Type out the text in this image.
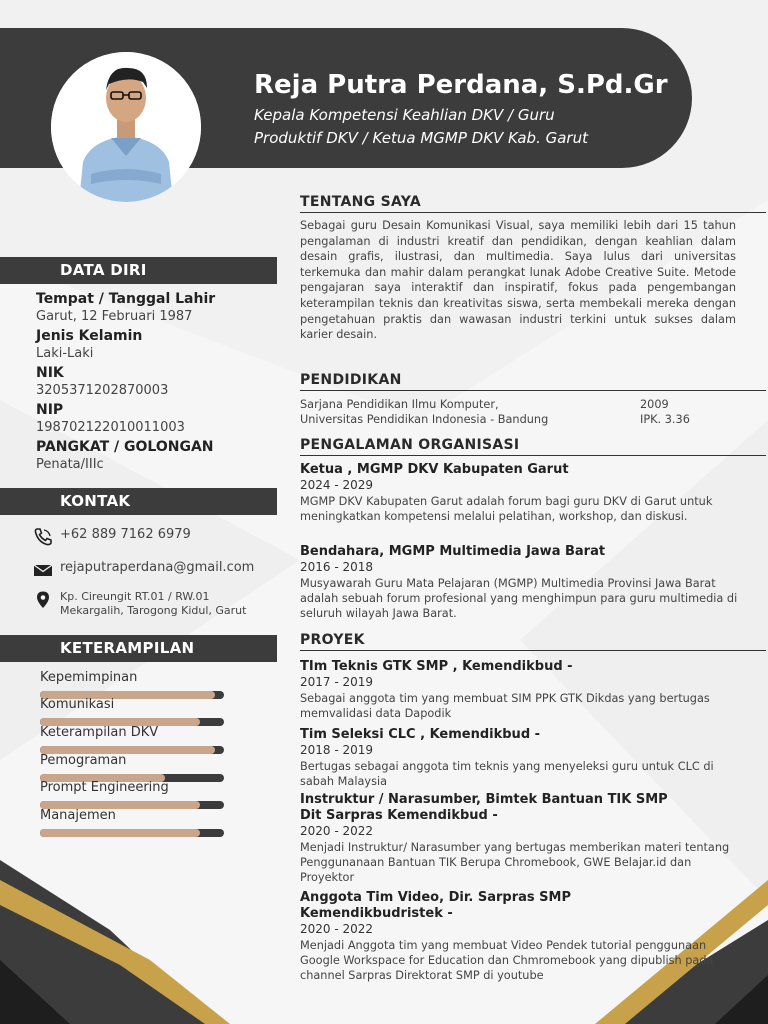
Reja Putra Perdana, S.Pd.Gr
Kepala Kompetensi Keahlian DKV / Guru
Produktif DKV / Ketua MGMP DKV Kab. Garut
DATA DIRI
Tempat / Tanggal Lahir
Garut, 12 Februari 1987
Jenis Kelamin
Laki-Laki
NIK
3205371202870003
NIP
198702122010011003
PANGKAT / GOLONGAN
Penata/IIIc
KONTAK
+62 889 7162 6979
rejaputraperdana@gmail.com
Kp. Cireungit RT.01 / RW.01
Mekargalih, Tarogong Kidul, Garut
KETERAMPILAN
Kepemimpinan
Komunikasi
Keterampilan DKV
Pemograman
Prompt Engineering
Manajemen
TENTANG SAYA
Sebagai guru Desain Komunikasi Visual, saya memiliki lebih dari 15 tahun pengalaman di industri kreatif dan pendidikan, dengan keahlian dalam desain grafis, ilustrasi, dan multimedia. Saya lulus dari universitas terkemuka dan mahir dalam perangkat lunak Adobe Creative Suite. Metode pengajaran saya interaktif dan inspiratif, fokus pada pengembangan keterampilan teknis dan kreativitas siswa, serta membekali mereka dengan pengetahuan praktis dan wawasan industri terkini untuk sukses dalam karier desain.
PENDIDIKAN
Sarjana Pendidikan Ilmu Komputer,	2009
Universitas Pendidikan Indonesia - Bandung	IPK. 3.36
PENGALAMAN ORGANISASI
Ketua , MGMP DKV Kabupaten Garut
2024 - 2029
MGMP DKV Kabupaten Garut adalah forum bagi guru DKV di Garut untuk meningkatkan kompetensi melalui pelatihan, workshop, dan diskusi.
Bendahara, MGMP Multimedia Jawa Barat
2016 - 2018
Musyawarah Guru Mata Pelajaran (MGMP) Multimedia Provinsi Jawa Barat adalah sebuah forum profesional yang menghimpun para guru multimedia di seluruh wilayah Jawa Barat.
PROYEK
TIm Teknis GTK SMP , Kemendikbud -
2017 - 2019
Sebagai anggota tim yang membuat SIM PPK GTK Dikdas yang bertugas memvalidasi data Dapodik
Tim Seleksi CLC , Kemendikbud -
2018 - 2019
Bertugas sebagai anggota tim teknis yang menyeleksi guru untuk CLC di sabah Malaysia
Instruktur / Narasumber, Bimtek Bantuan TIK SMP Dit Sarpras Kemendikbud -
2020 - 2022
Menjadi Instruktur/ Narasumber yang bertugas memberikan materi tentang Penggunanaan Bantuan TIK Berupa Chromebook, GWE Belajar.id dan Proyektor
Anggota Tim Video, Dir. Sarpras SMP Kemendikbudristek -
2020 - 2022
Menjadi Anggota tim yang membuat Video Pendek tutorial penggunaan Google Workspace for Education dan Chmromebook yang dipublish pada channel Sarpras Direktorat SMP di youtube
